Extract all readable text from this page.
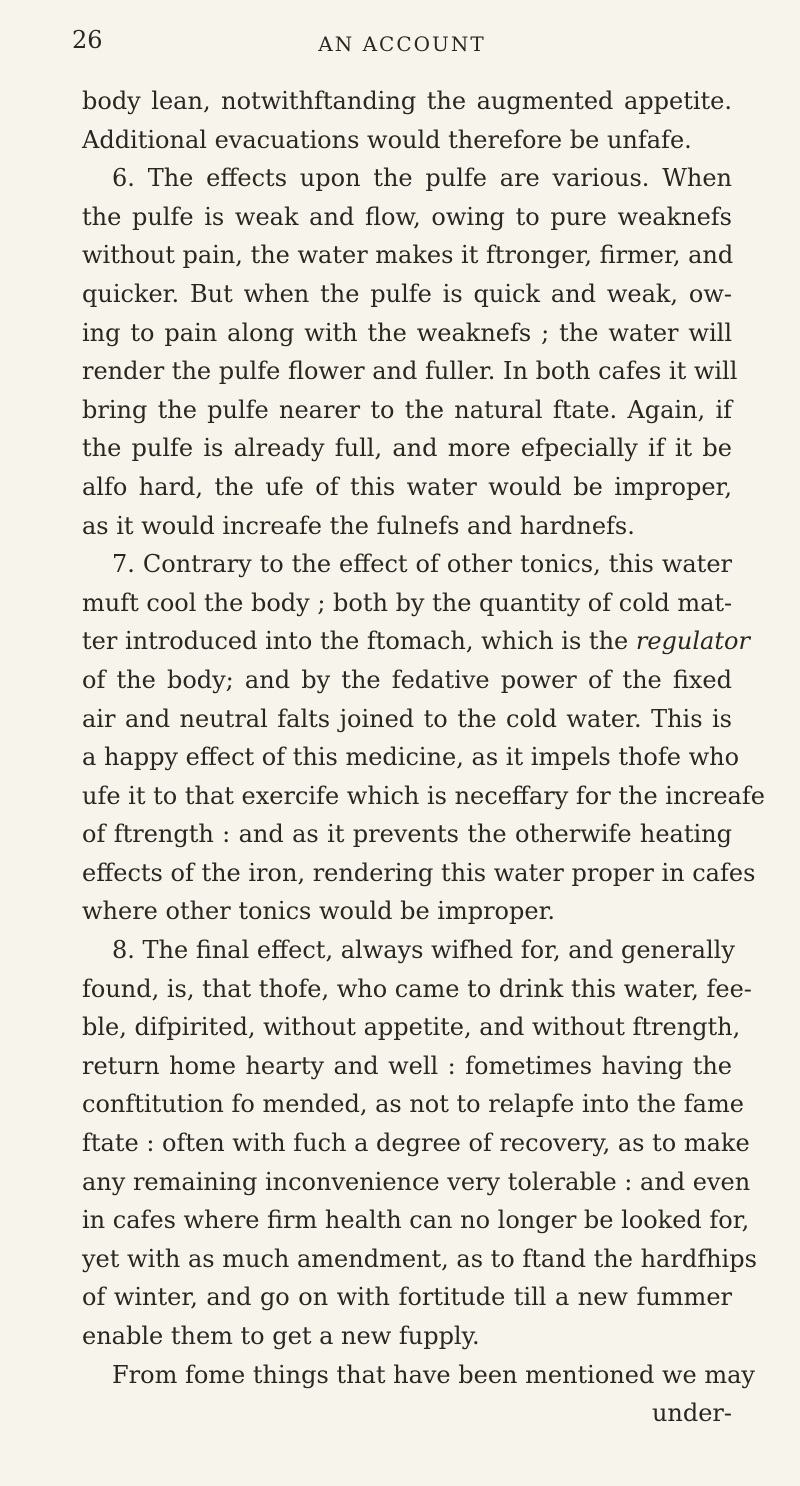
26	AN ACCOUNT
body lean, notwithftanding the augmented appetite.
Additional evacuations would therefore be unfafe.
6. The effects upon the pulfe are various. When
the pulfe is weak and flow, owing to pure weaknefs
without pain, the water makes it ftronger, firmer, and
quicker. But when the pulfe is quick and weak, ow-
ing to pain along with the weaknefs ; the water will
render the pulfe flower and fuller. In both cafes it will
bring the pulfe nearer to the natural ftate. Again, if
the pulfe is already full, and more efpecially if it be
alfo hard, the ufe of this water would be improper,
as it would increafe the fulnefs and hardnefs.
7. Contrary to the effect of other tonics, this water
muft cool the body ; both by the quantity of cold mat-
ter introduced into the ftomach, which is the regulator
of the body; and by the fedative power of the fixed
air and neutral falts joined to the cold water. This is
a happy effect of this medicine, as it impels thofe who
ufe it to that exercife which is neceffary for the increafe
of ftrength : and as it prevents the otherwife heating
effects of the iron, rendering this water proper in cafes
where other tonics would be improper.
8. The final effect, always wifhed for, and generally
found, is, that thofe, who came to drink this water, fee-
ble, difpirited, without appetite, and without ftrength,
return home hearty and well : fometimes having the
conftitution fo mended, as not to relapfe into the fame
ftate : often with fuch a degree of recovery, as to make
any remaining inconvenience very tolerable : and even
in cafes where firm health can no longer be looked for,
yet with as much amendment, as to ftand the hardfhips
of winter, and go on with fortitude till a new fummer
enable them to get a new fupply.
From fome things that have been mentioned we may
under-
